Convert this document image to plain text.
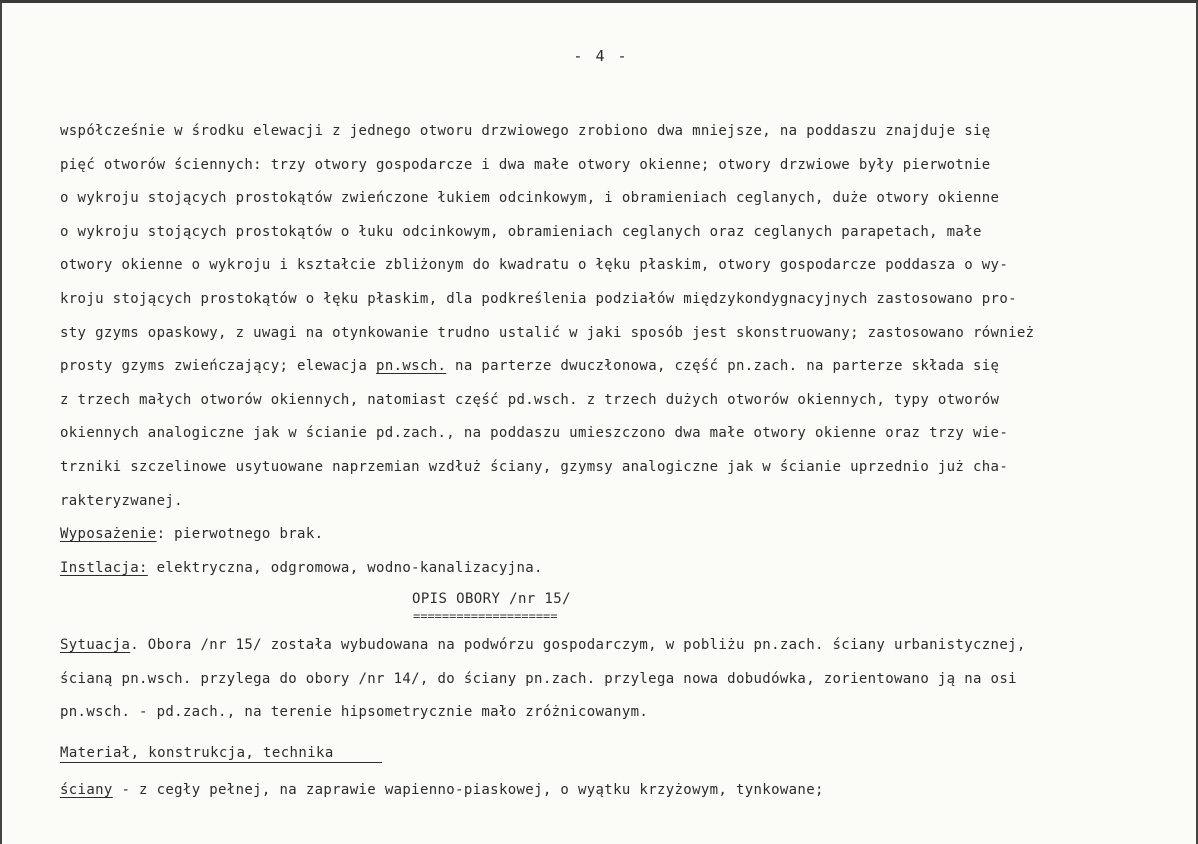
- 4 -
współcześnie w środku elewacji z jednego otworu drzwiowego zrobiono dwa mniejsze, na poddaszu znajduje się
pięć otworów ściennych: trzy otwory gospodarcze i dwa małe otwory okienne; otwory drzwiowe były pierwotnie
o wykroju stojących prostokątów zwieńczone łukiem odcinkowym, i obramieniach ceglanych, duże otwory okienne
o wykroju stojących prostokątów o łuku odcinkowym, obramieniach ceglanych oraz ceglanych parapetach, małe
otwory okienne o wykroju i kształcie zbliżonym do kwadratu o łęku płaskim, otwory gospodarcze poddasza o wy-
kroju stojących prostokątów o łęku płaskim, dla podkreślenia podziałów międzykondygnacyjnych zastosowano pro-
sty gzyms opaskowy, z uwagi na otynkowanie trudno ustalić w jaki sposób jest skonstruowany; zastosowano również
prosty gzyms zwieńczający; elewacja pn.wsch. na parterze dwuczłonowa, część pn.zach. na parterze składa się
z trzech małych otworów okiennych, natomiast część pd.wsch. z trzech dużych otworów okiennych, typy otworów
okiennych analogiczne jak w ścianie pd.zach., na poddaszu umieszczono dwa małe otwory okienne oraz trzy wie-
trzniki szczelinowe usytuowane naprzemian wzdłuż ściany, gzymsy analogiczne jak w ścianie uprzednio już cha-
rakteryzwanej.
Wyposażenie: pierwotnego brak.
Instlacja: elektryczna, odgromowa, wodno-kanalizacyjna.
OPIS OBORY /nr 15/
====================
Sytuacja. Obora /nr 15/ została wybudowana na podwórzu gospodarczym, w pobliżu pn.zach. ściany urbanistycznej,
ścianą pn.wsch. przylega do obory /nr 14/, do ściany pn.zach. przylega nowa dobudówka, zorientowano ją na osi
pn.wsch. - pd.zach., na terenie hipsometrycznie mało zróżnicowanym.
Materiał, konstrukcja, technika
ściany - z cegły pełnej, na zaprawie wapienno-piaskowej, o wyątku krzyżowym, tynkowane;
